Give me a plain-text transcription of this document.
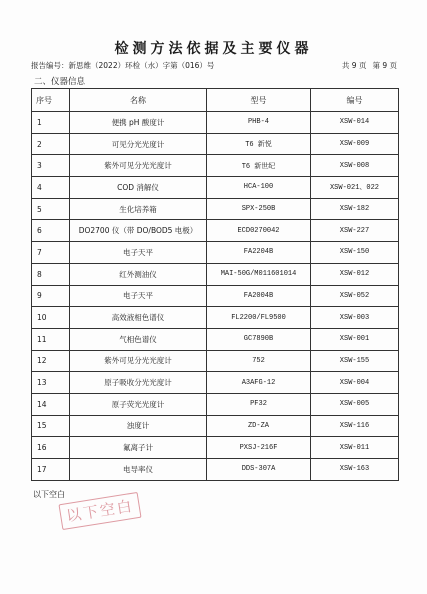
检测方法依据及主要仪器
报告编号：新思维（2022）环检（水）字第（016）号	共 9 页 第 9 页
二、仪器信息
序号	名称	型号	编号
1	便携 pH 酸度计	PHB-4	XSW-014
2	可见分光光度计	T6 新悦	XSW-009
3	紫外可见分光光度计	T6 新世纪	XSW-008
4	COD 消解仪	HCA-100	XSW-021、022
5	生化培养箱	SPX-250B	XSW-182
6	DO2700 仪（带 DO/BOD5 电极）	ECD0270042	XSW-227
7	电子天平	FA2204B	XSW-150
8	红外测油仪	MAI-50G/M011601014	XSW-012
9	电子天平	FA2004B	XSW-052
10	高效液相色谱仪	FL2200/FL9500	XSW-003
11	气相色谱仪	GC7890B	XSW-001
12	紫外可见分光光度计	752	XSW-155
13	原子吸收分光光度计	A3AFG-12	XSW-004
14	原子荧光光度计	PF32	XSW-005
15	浊度计	ZD-ZA	XSW-116
16	氟离子计	PXSJ-216F	XSW-011
17	电导率仪	DDS-307A	XSW-163
以下空白
以下空白
